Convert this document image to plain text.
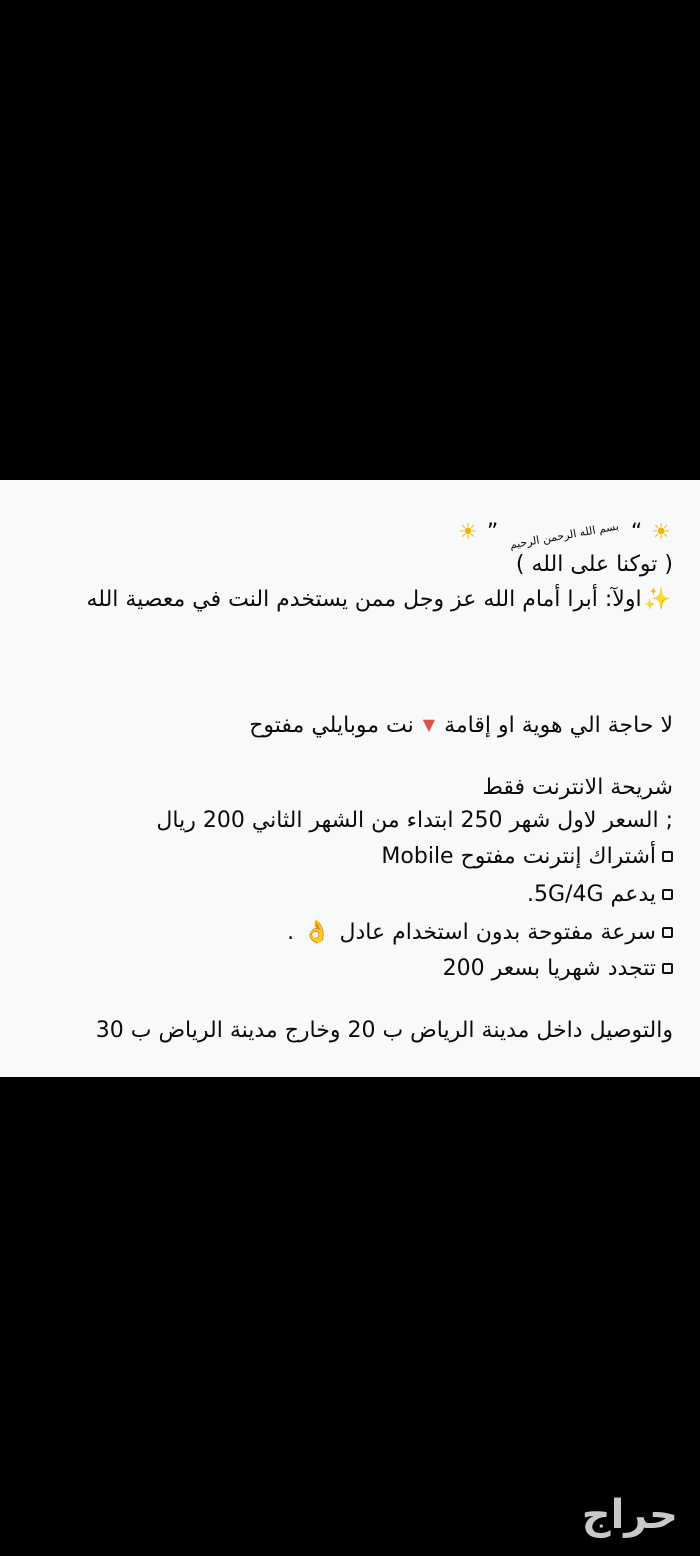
☀ ” بسم الله الرحمن الرحيم “ ☀
( توكنا على الله )
✨اولآ: أبرا أمام الله عز وجل ممن يستخدم النت في معصية الله
لا حاجة الي هوية او إقامة ▼ نت موبايلي مفتوح
شريحة الانترنت فقط
; السعر لاول شهر 250 ابتداء من الشهر الثاني 200 ريال
أشتراك إنترنت مفتوح Mobile
يدعم 5G/4G.
سرعة مفتوحة بدون استخدام عادل 👌 .
تتجدد شهريا بسعر 200
والتوصيل داخل مدينة الرياض ب 20 وخارج مدينة الرياض ب 30
حراج
